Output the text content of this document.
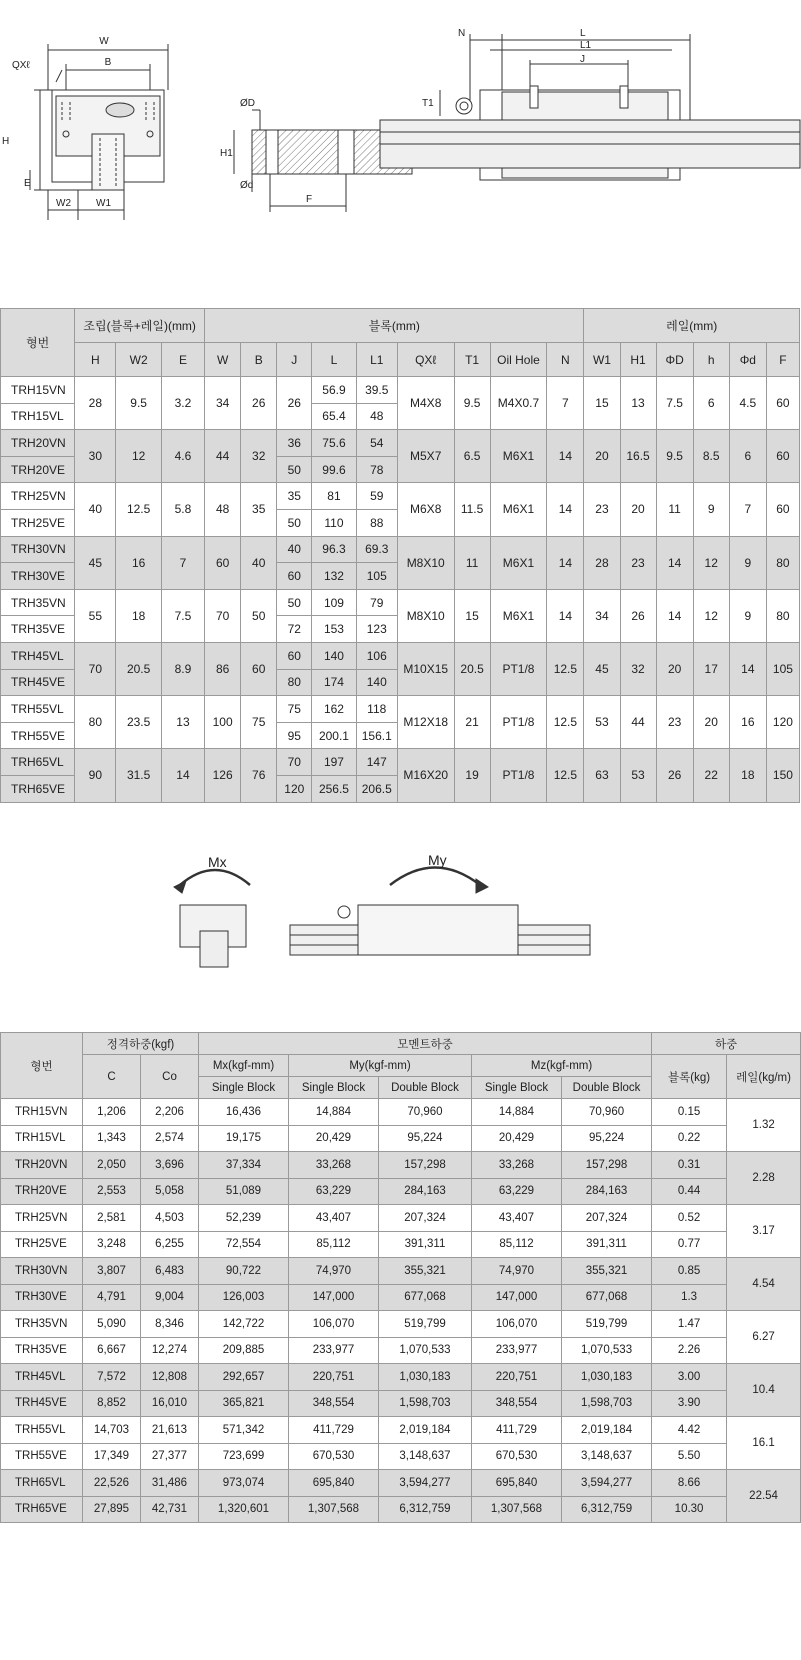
W
B
QXℓ
H
E
W2	W1
ØD
H1
Ød
F
N	L
L1
J
T1
형번	조립(블록+레일)(mm)			블록(mm)									레일(mm)					
	H	W2	E	W	B	J	L	L1	QXℓ	T1	Oil Hole	N	W1	H1	ΦD	h	Φd	F
TRH15VN	28	9.5	3.2	34	26	26	56.9	39.5	M4X8	9.5	M4X0.7	7	15	13	7.5	6	4.5	60
TRH15VL							65.4	48										
TRH20VN	30	12	4.6	44	32	36	75.6	54	M5X7	6.5	M6X1	14	20	16.5	9.5	8.5	6	60
TRH20VE						50	99.6	78										
TRH25VN	40	12.5	5.8	48	35	35	81	59	M6X8	11.5	M6X1	14	23	20	11	9	7	60
TRH25VE						50	110	88										
TRH30VN	45	16	7	60	40	40	96.3	69.3	M8X10	11	M6X1	14	28	23	14	12	9	80
TRH30VE						60	132	105										
TRH35VN	55	18	7.5	70	50	50	109	79	M8X10	15	M6X1	14	34	26	14	12	9	80
TRH35VE						72	153	123										
TRH45VL	70	20.5	8.9	86	60	60	140	106	M10X15	20.5	PT1/8	12.5	45	32	20	17	14	105
TRH45VE						80	174	140										
TRH55VL	80	23.5	13	100	75	75	162	118	M12X18	21	PT1/8	12.5	53	44	23	20	16	120
TRH55VE						95	200.1	156.1										
TRH65VL	90	31.5	14	126	76	70	197	147	M16X20	19	PT1/8	12.5	63	53	26	22	18	150
TRH65VE						120	256.5	206.5										
Mx	My
형번	정격하중(kgf)		모멘트하중					하중	
	C	Co	Mx(kgf-mm)	My(kgf-mm)		Mz(kgf-mm)		블록(kg)	레일(kg/m)
			Single Block	Single Block	Double Block	Single Block	Double Block		
TRH15VN	1,206	2,206	16,436	14,884	70,960	14,884	70,960	0.15	1.32
TRH15VL	1,343	2,574	19,175	20,429	95,224	20,429	95,224	0.22	
TRH20VN	2,050	3,696	37,334	33,268	157,298	33,268	157,298	0.31	2.28
TRH20VE	2,553	5,058	51,089	63,229	284,163	63,229	284,163	0.44	
TRH25VN	2,581	4,503	52,239	43,407	207,324	43,407	207,324	0.52	3.17
TRH25VE	3,248	6,255	72,554	85,112	391,311	85,112	391,311	0.77	
TRH30VN	3,807	6,483	90,722	74,970	355,321	74,970	355,321	0.85	4.54
TRH30VE	4,791	9,004	126,003	147,000	677,068	147,000	677,068	1.3	
TRH35VN	5,090	8,346	142,722	106,070	519,799	106,070	519,799	1.47	6.27
TRH35VE	6,667	12,274	209,885	233,977	1,070,533	233,977	1,070,533	2.26	
TRH45VL	7,572	12,808	292,657	220,751	1,030,183	220,751	1,030,183	3.00	10.4
TRH45VE	8,852	16,010	365,821	348,554	1,598,703	348,554	1,598,703	3.90	
TRH55VL	14,703	21,613	571,342	411,729	2,019,184	411,729	2,019,184	4.42	16.1
TRH55VE	17,349	27,377	723,699	670,530	3,148,637	670,530	3,148,637	5.50	
TRH65VL	22,526	31,486	973,074	695,840	3,594,277	695,840	3,594,277	8.66	22.54
TRH65VE	27,895	42,731	1,320,601	1,307,568	6,312,759	1,307,568	6,312,759	10.30	
